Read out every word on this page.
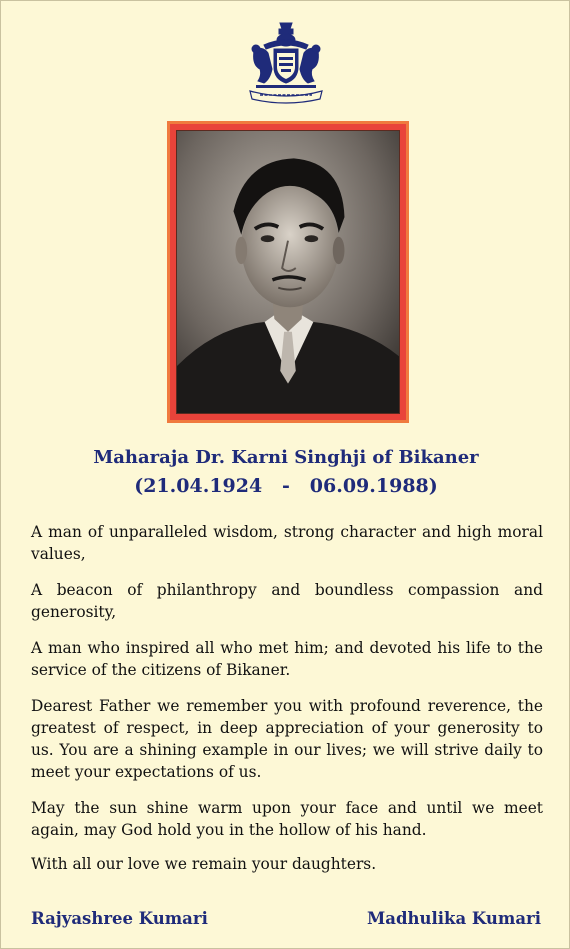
Maharaja Dr. Karni Singhji of Bikaner
(21.04.1924   -   06.09.1988)
A man of unparalleled wisdom, strong character and high moral values,
A beacon of philanthropy and boundless compassion and generosity,
A man who inspired all who met him; and devoted his life to the service of the citizens of Bikaner.
Dearest Father we remember you with profound reverence, the greatest of respect, in deep appreciation of your generosity to us. You are a shining example in our lives; we will strive daily to meet your expectations of us.
May the sun shine warm upon your face and until we meet again, may God hold you in the hollow of his hand.
With all our love we remain your daughters.
Rajyashree Kumari	Madhulika Kumari
